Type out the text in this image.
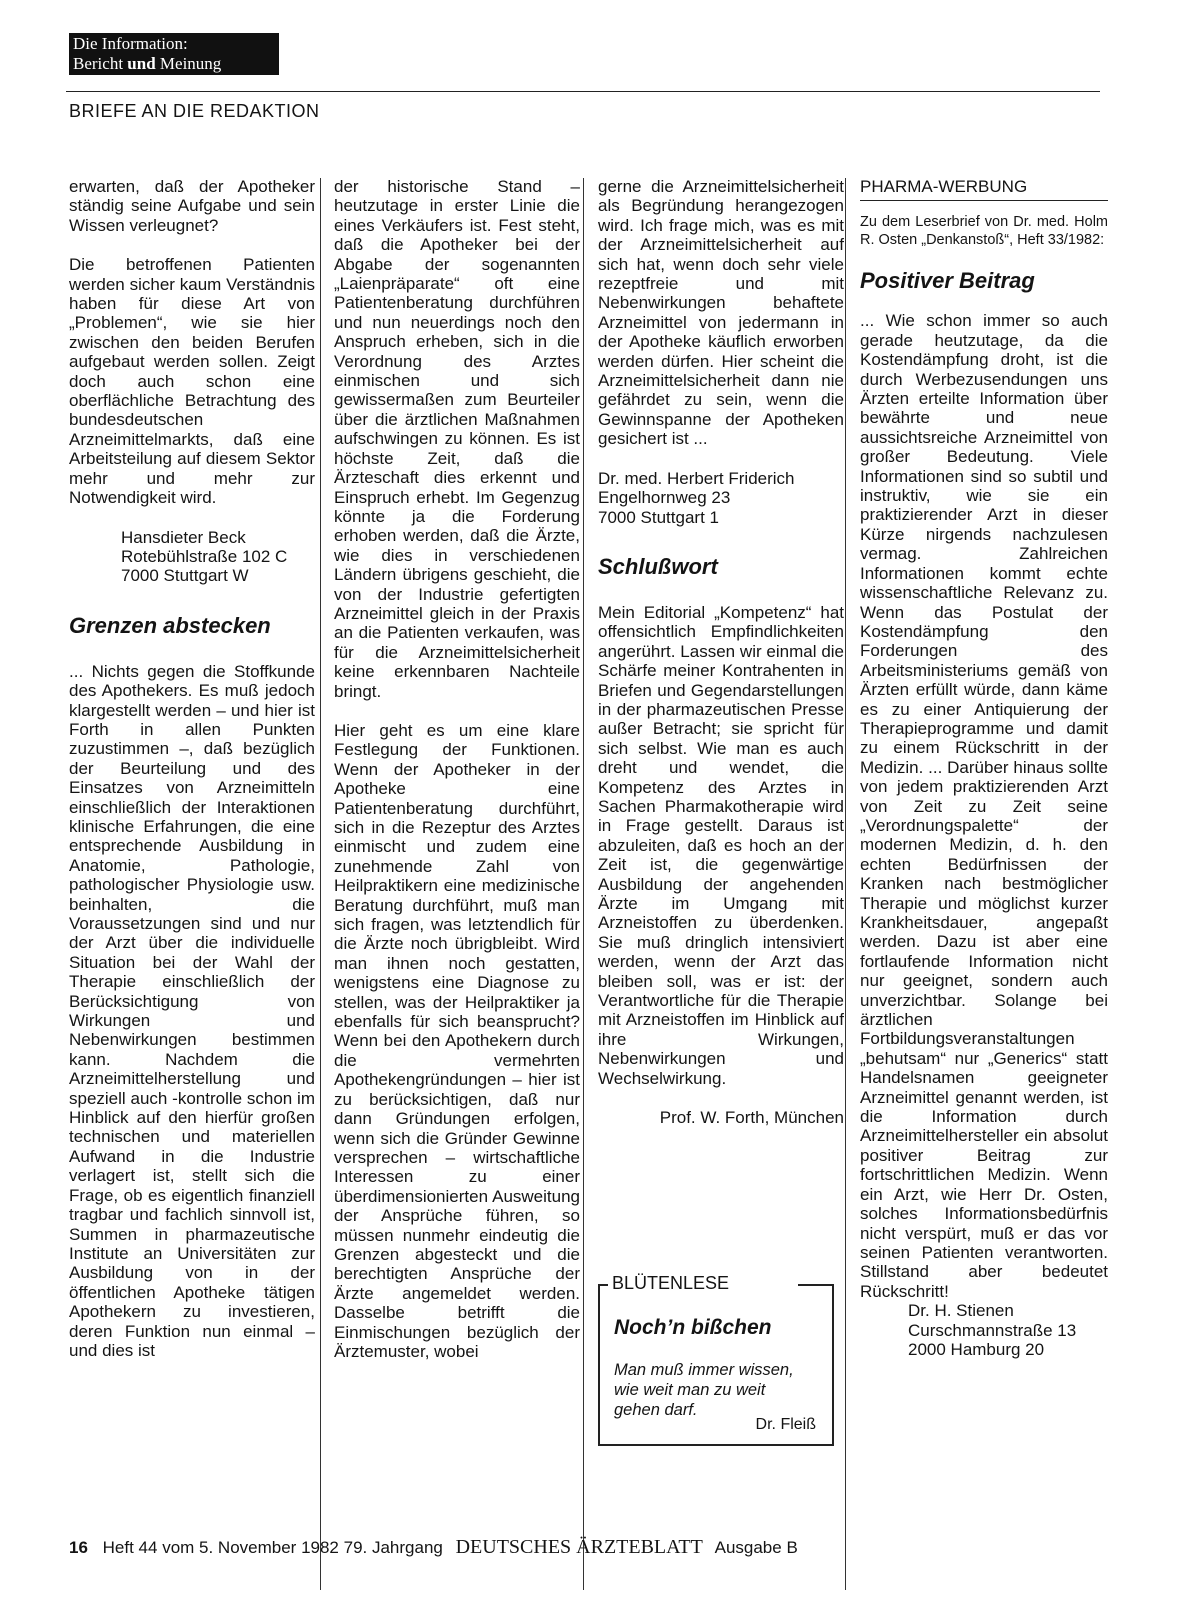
Die Information:
Bericht und Meinung
BRIEFE AN DIE REDAKTION

erwarten, daß der Apotheker ständig seine Aufgabe und sein Wissen verleugnet?

Die betroffenen Patienten werden sicher kaum Verständnis haben für diese Art von „Problemen“, wie sie hier zwischen den beiden Berufen aufgebaut werden sollen. Zeigt doch auch schon eine oberflächliche Betrachtung des bundesdeutschen Arzneimittelmarkts, daß eine Arbeitsteilung auf diesem Sektor mehr und mehr zur Notwendigkeit wird.

Hansdieter Beck
Rotebühlstraße 102 C
7000 Stuttgart W

Grenzen abstecken

... Nichts gegen die Stoffkunde des Apothekers. Es muß jedoch klargestellt werden – und hier ist Forth in allen Punkten zuzustimmen –, daß bezüglich der Beurteilung und des Einsatzes von Arzneimitteln einschließlich der Interaktionen klinische Erfahrungen, die eine entsprechende Ausbildung in Anatomie, Pathologie, pathologischer Physiologie usw. beinhalten, die Voraussetzungen sind und nur der Arzt über die individuelle Situation bei der Wahl der Therapie einschließlich der Berücksichtigung von Wirkungen und Nebenwirkungen bestimmen kann. Nachdem die Arzneimittelherstellung und speziell auch -kontrolle schon im Hinblick auf den hierfür großen technischen und materiellen Aufwand in die Industrie verlagert ist, stellt sich die Frage, ob es eigentlich finanziell tragbar und fachlich sinnvoll ist, Summen in pharmazeutische Institute an Universitäten zur Ausbildung von in der öffentlichen Apotheke tätigen Apothekern zu investieren, deren Funktion nun einmal – und dies ist

der historische Stand – heutzutage in erster Linie die eines Verkäufers ist. Fest steht, daß die Apotheker bei der Abgabe der sogenannten „Laienpräparate“ oft eine Patientenberatung durchführen und nun neuerdings noch den Anspruch erheben, sich in die Verordnung des Arztes einmischen und sich gewissermaßen zum Beurteiler über die ärztlichen Maßnahmen aufschwingen zu können. Es ist höchste Zeit, daß die Ärzteschaft dies erkennt und Einspruch erhebt. Im Gegenzug könnte ja die Forderung erhoben werden, daß die Ärzte, wie dies in verschiedenen Ländern übrigens geschieht, die von der Industrie gefertigten Arzneimittel gleich in der Praxis an die Patienten verkaufen, was für die Arzneimittelsicherheit keine erkennbaren Nachteile bringt.

Hier geht es um eine klare Festlegung der Funktionen. Wenn der Apotheker in der Apotheke eine Patientenberatung durchführt, sich in die Rezeptur des Arztes einmischt und zudem eine zunehmende Zahl von Heilpraktikern eine medizinische Beratung durchführt, muß man sich fragen, was letztendlich für die Ärzte noch übrigbleibt. Wird man ihnen noch gestatten, wenigstens eine Diagnose zu stellen, was der Heilpraktiker ja ebenfalls für sich beansprucht? Wenn bei den Apothekern durch die vermehrten Apothekengründungen – hier ist zu berücksichtigen, daß nur dann Gründungen erfolgen, wenn sich die Gründer Gewinne versprechen – wirtschaftliche Interessen zu einer überdimensionierten Ausweitung der Ansprüche führen, so müssen nunmehr eindeutig die Grenzen abgesteckt und die berechtigten Ansprüche der Ärzte angemeldet werden. Dasselbe betrifft die Einmischungen bezüglich der Ärztemuster, wobei

gerne die Arzneimittelsicherheit als Begründung herangezogen wird. Ich frage mich, was es mit der Arzneimittelsicherheit auf sich hat, wenn doch sehr viele rezeptfreie und mit Nebenwirkungen behaftete Arzneimittel von jedermann in der Apotheke käuflich erworben werden dürfen. Hier scheint die Arzneimittelsicherheit dann nie gefährdet zu sein, wenn die Gewinnspanne der Apotheken gesichert ist ...

Dr. med. Herbert Friderich
Engelhornweg 23
7000 Stuttgart 1

Schlußwort

Mein Editorial „Kompetenz“ hat offensichtlich Empfindlichkeiten angerührt. Lassen wir einmal die Schärfe meiner Kontrahenten in Briefen und Gegendarstellungen in der pharmazeutischen Presse außer Betracht; sie spricht für sich selbst. Wie man es auch dreht und wendet, die Kompetenz des Arztes in Sachen Pharmakotherapie wird in Frage gestellt. Daraus ist abzuleiten, daß es hoch an der Zeit ist, die gegenwärtige Ausbildung der angehenden Ärzte im Umgang mit Arzneistoffen zu überdenken. Sie muß dringlich intensiviert werden, wenn der Arzt das bleiben soll, was er ist: der Verantwortliche für die Therapie mit Arzneistoffen im Hinblick auf ihre Wirkungen, Nebenwirkungen und Wechselwirkung.

Prof. W. Forth, München

BLÜTENLESE
Noch’n bißchen
Man muß immer wissen, wie weit man zu weit gehen darf.
Dr. Fleiß
PHARMA-WERBUNG

Zu dem Leserbrief von Dr. med. Holm R. Osten „Denkanstoß“, Heft 33/1982:

Positiver Beitrag

... Wie schon immer so auch gerade heutzutage, da die Kostendämpfung droht, ist die durch Werbezusendungen uns Ärzten erteilte Information über bewährte und neue aussichtsreiche Arzneimittel von großer Bedeutung. Viele Informationen sind so subtil und instruktiv, wie sie ein praktizierender Arzt in dieser Kürze nirgends nachzulesen vermag. Zahlreichen Informationen kommt echte wissenschaftliche Relevanz zu. Wenn das Postulat der Kostendämpfung den Forderungen des Arbeitsministeriums gemäß von Ärzten erfüllt würde, dann käme es zu einer Antiquierung der Therapieprogramme und damit zu einem Rückschritt in der Medizin. ... Darüber hinaus sollte von jedem praktizierenden Arzt von Zeit zu Zeit seine „Verordnungspalette“ der modernen Medizin, d. h. den echten Bedürfnissen der Kranken nach bestmöglicher Therapie und möglichst kurzer Krankheitsdauer, angepaßt werden. Dazu ist aber eine fortlaufende Information nicht nur geeignet, sondern auch unverzichtbar. Solange bei ärztlichen Fortbildungsveranstaltungen „behutsam“ nur „Generics“ statt Handelsnamen geeigneter Arzneimittel genannt werden, ist die Information durch Arzneimittelhersteller ein absolut positiver Beitrag zur fortschrittlichen Medizin. Wenn ein Arzt, wie Herr Dr. Osten, solches Informationsbedürfnis nicht verspürt, muß er das vor seinen Patienten verantworten. Stillstand aber bedeutet Rückschritt!

Dr. H. Stienen
Curschmannstraße 13
2000 Hamburg 20

16 Heft 44 vom 5. November 1982 79. Jahrgang DEUTSCHES ÄRZTEBLATT Ausgabe B
